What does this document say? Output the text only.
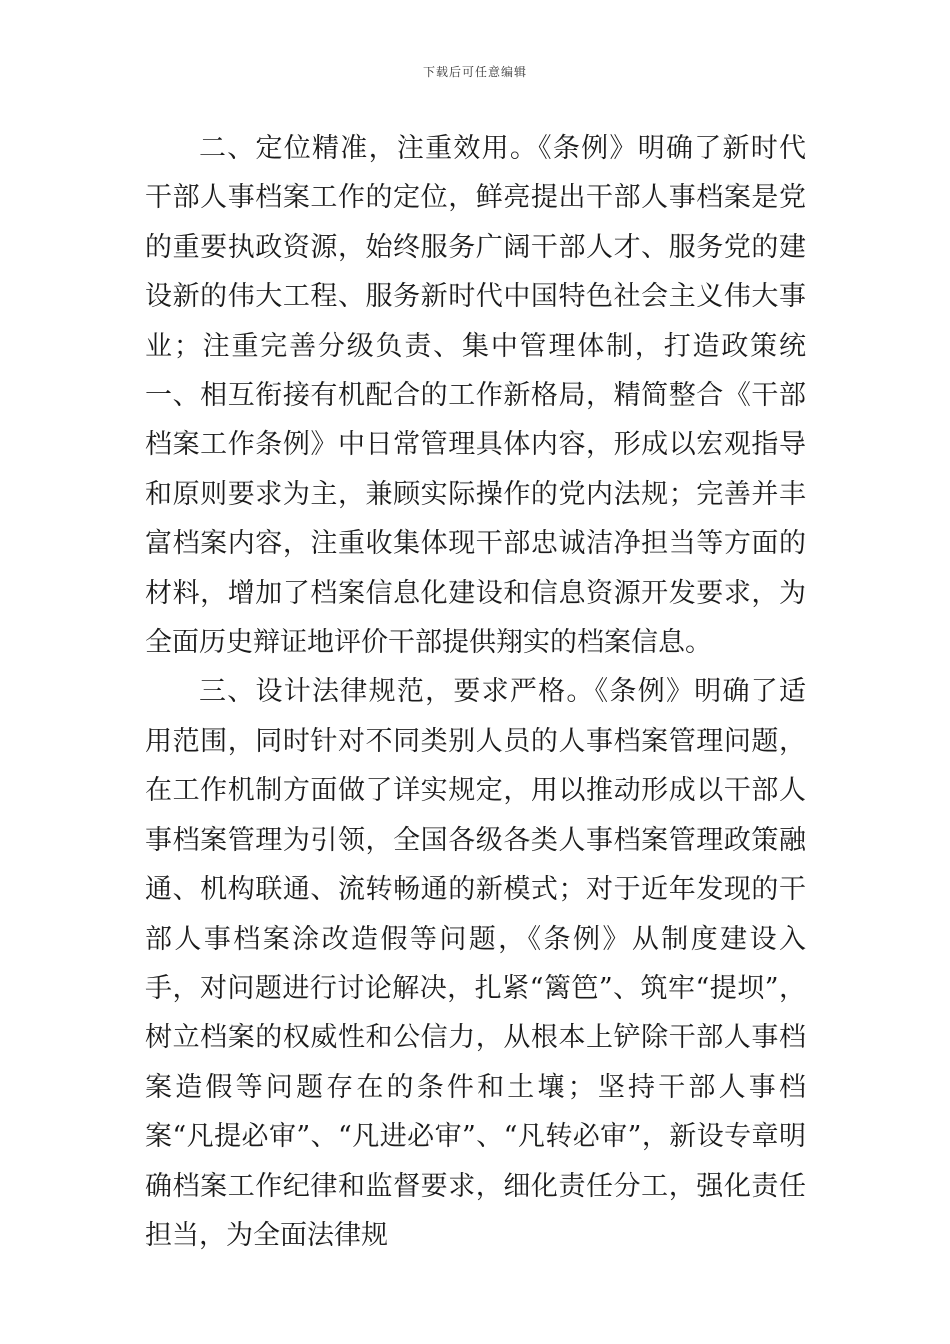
下载后可任意编辑

二、定位精准，注重效用。《条例》明确了新时代干部人事档案工作的定位，鲜亮提出干部人事档案是党的重要执政资源，始终服务广阔干部人才、服务党的建设新的伟大工程、服务新时代中国特色社会主义伟大事业；注重完善分级负责、集中管理体制，打造政策统一、相互衔接有机配合的工作新格局，精简整合《干部档案工作条例》中日常管理具体内容，形成以宏观指导和原则要求为主，兼顾实际操作的党内法规；完善并丰富档案内容，注重收集体现干部忠诚洁净担当等方面的材料，增加了档案信息化建设和信息资源开发要求，为全面历史辩证地评价干部提供翔实的档案信息。

三、设计法律规范，要求严格。《条例》明确了适用范围，同时针对不同类别人员的人事档案管理问题，在工作机制方面做了详实规定，用以推动形成以干部人事档案管理为引领，全国各级各类人事档案管理政策融通、机构联通、流转畅通的新模式；对于近年发现的干部人事档案涂改造假等问题，《条例》从制度建设入手，对问题进行讨论解决，扎紧“篱笆”、筑牢“提坝”，树立档案的权威性和公信力，从根本上铲除干部人事档案造假等问题存在的条件和土壤；坚持干部人事档案“凡提必审”、“凡进必审”、“凡转必审”，新设专章明确档案工作纪律和监督要求，细化责任分工，强化责任担当，为全面法律规
